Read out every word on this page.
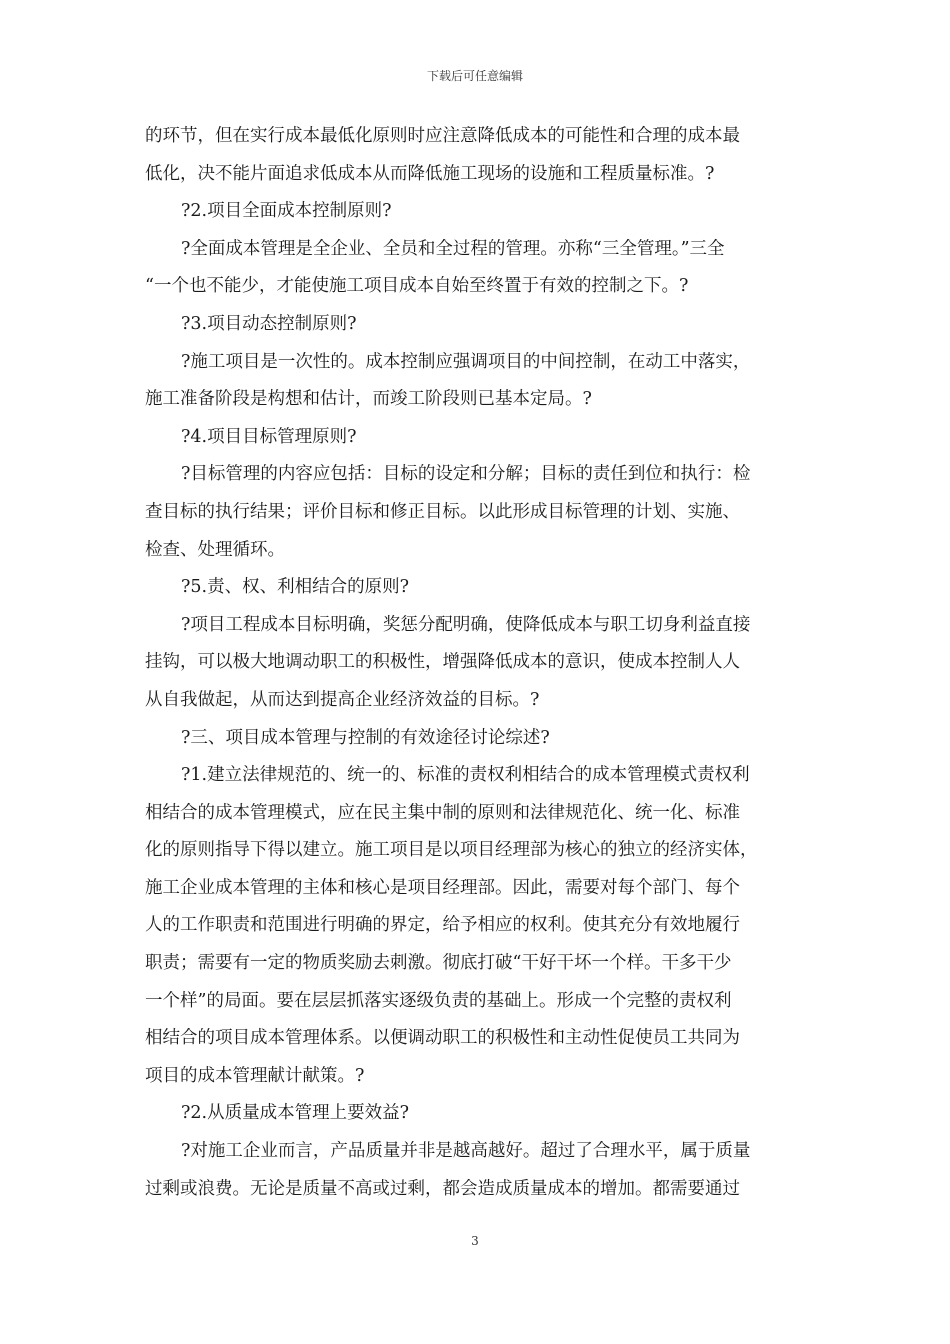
下载后可任意编辑
的环节，但在实行成本最低化原则时应注意降低成本的可能性和合理的成本最
低化，决不能片面追求低成本从而降低施工现场的设施和工程质量标准。?
?2.项目全面成本控制原则?
?全面成本管理是全企业、全员和全过程的管理。亦称“三全管理。”三全
“一个也不能少，才能使施工项目成本自始至终置于有效的控制之下。?
?3.项目动态控制原则?
?施工项目是一次性的。成本控制应强调项目的中间控制，在动工中落实，
施工准备阶段是构想和估计，而竣工阶段则已基本定局。?
?4.项目目标管理原则?
?目标管理的内容应包括：目标的设定和分解；目标的责任到位和执行：检
查目标的执行结果；评价目标和修正目标。以此形成目标管理的计划、实施、
检查、处理循环。
?5.责、权、利相结合的原则?
?项目工程成本目标明确，奖惩分配明确，使降低成本与职工切身利益直接
挂钩，可以极大地调动职工的积极性，增强降低成本的意识，使成本控制人人
从自我做起，从而达到提高企业经济效益的目标。?
?三、项目成本管理与控制的有效途径讨论综述?
?1.建立法律规范的、统一的、标准的责权利相结合的成本管理模式责权利
相结合的成本管理模式，应在民主集中制的原则和法律规范化、统一化、标准
化的原则指导下得以建立。施工项目是以项目经理部为核心的独立的经济实体，
施工企业成本管理的主体和核心是项目经理部。因此，需要对每个部门、每个
人的工作职责和范围进行明确的界定，给予相应的权利。使其充分有效地履行
职责；需要有一定的物质奖励去刺激。彻底打破“干好干坏一个样。干多干少
一个样”的局面。要在层层抓落实逐级负责的基础上。形成一个完整的责权利
相结合的项目成本管理体系。以便调动职工的积极性和主动性促使员工共同为
项目的成本管理献计献策。?
?2.从质量成本管理上要效益?
?对施工企业而言，产品质量并非是越高越好。超过了合理水平，属于质量
过剩或浪费。无论是质量不高或过剩，都会造成质量成本的增加。都需要通过
3
